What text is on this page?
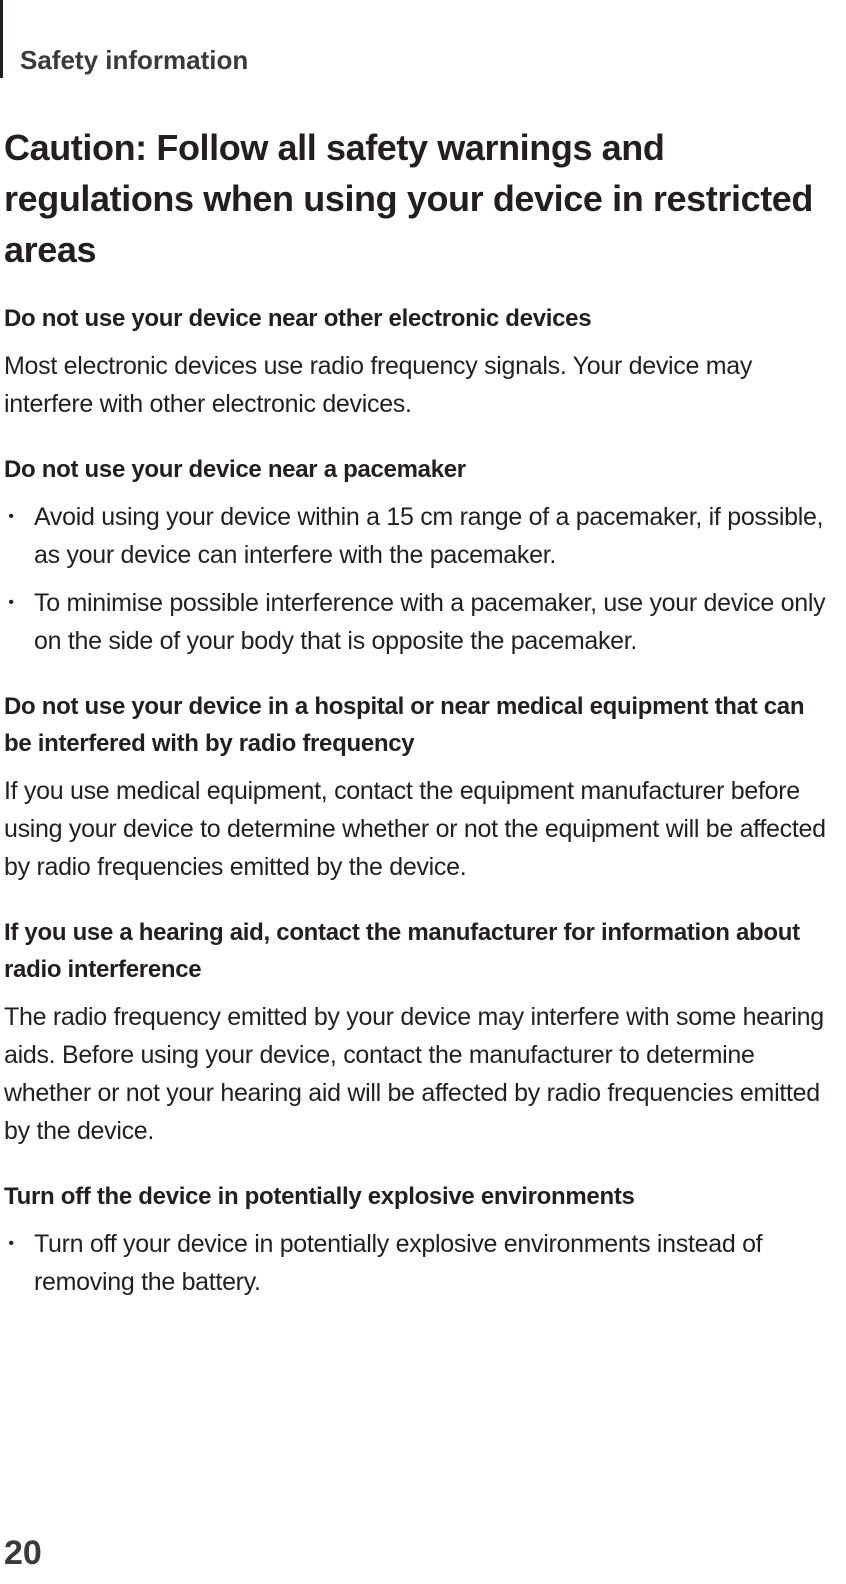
Safety information
Caution: Follow all safety warnings and regulations when using your device in restricted areas
Do not use your device near other electronic devices

Most electronic devices use radio frequency signals. Your device may interfere with other electronic devices.

Do not use your device near a pacemaker
• Avoid using your device within a 15 cm range of a pacemaker, if possible, as your device can interfere with the pacemaker.
• To minimise possible interference with a pacemaker, use your device only on the side of your body that is opposite the pacemaker.
Do not use your device in a hospital or near medical equipment that can be interfered with by radio frequency

If you use medical equipment, contact the equipment manufacturer before using your device to determine whether or not the equipment will be affected by radio frequencies emitted by the device.

If you use a hearing aid, contact the manufacturer for information about radio interference

The radio frequency emitted by your device may interfere with some hearing aids. Before using your device, contact the manufacturer to determine whether or not your hearing aid will be affected by radio frequencies emitted by the device.

Turn off the device in potentially explosive environments
• Turn off your device in potentially explosive environments instead of removing the battery.
20
